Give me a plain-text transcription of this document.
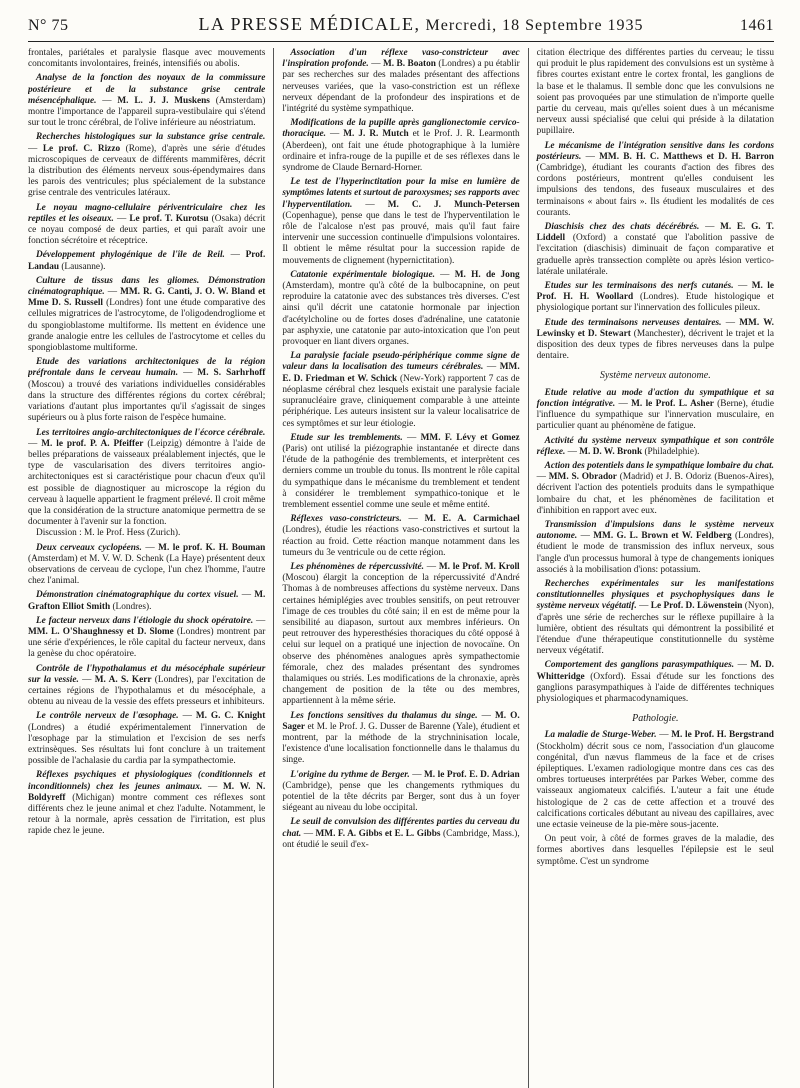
N° 75	LA PRESSE MÉDICALE, Mercredi, 18 Septembre 1935	1461

frontales, pariétales et paralysie flasque avec mouvements concomitants involontaires, freinés, intensifiés ou abolis.

Analyse de la fonction des noyaux de la commissure postérieure et de la substance grise centrale mésencéphalique. — M. L. J. J. Muskens (Amsterdam) montre l'importance de l'appareil supra-vestibulaire qui s'étend sur tout le tronc cérébral, de l'olive inférieure au néostriatum.

Recherches histologiques sur la substance grise centrale. — Le prof. C. Rizzo (Rome), d'après une série d'études microscopiques de cerveaux de différents mammifères, décrit la distribution des éléments nerveux sous-épendymaires dans les parois des ventricules; plus spécialement de la substance grise centrale des ventricules latéraux.

Le noyau magno-cellulaire périventriculaire chez les reptiles et les oiseaux. — Le prof. T. Kurotsu (Osaka) décrit ce noyau composé de deux parties, et qui paraît avoir une fonction sécrétoire et réceptrice.

Développement phylogénique de l'île de Reil. — Prof. Landau (Lausanne).

Culture de tissus dans les gliomes. Démonstration cinématographique. — MM. R. G. Canti, J. O. W. Bland et Mme D. S. Russell (Londres) font une étude comparative des cellules migratrices de l'astrocytome, de l'oligodendrogliome et du spongioblastome multiforme. Ils mettent en évidence une grande analogie entre les cellules de l'astrocytome et celles du spongioblastome multiforme.

Etude des variations architectoniques de la région préfrontale dans le cerveau humain. — M. S. Sarhrhoff (Moscou) a trouvé des variations individuelles considérables dans la structure des différentes régions du cortex cérébral; variations d'autant plus importantes qu'il s'agissait de singes supérieurs ou à plus forte raison de l'espèce humaine.

Les territoires angio-architectoniques de l'écorce cérébrale. — M. le prof. P. A. Pfeiffer (Leipzig) démontre à l'aide de belles préparations de vaisseaux préalablement injectés, que le type de vascularisation des divers territoires angio-architectoniques est si caractéristique pour chacun d'eux qu'il est possible de diagnostiquer au microscope la région du cerveau à laquelle appartient le fragment prélevé. Il croit même que la considération de la structure anatomique permettra de se documenter à l'avenir sur la fonction.
Discussion : M. le Prof. Hess (Zurich).

Deux cerveaux cyclopéens. — M. le prof. K. H. Bouman (Amsterdam) et M. V. W. D. Schenk (La Haye) présentent deux observations de cerveau de cyclope, l'un chez l'homme, l'autre chez l'animal.

Démonstration cinématographique du cortex visuel. — M. Grafton Elliot Smith (Londres).

Le facteur nerveux dans l'étiologie du shock opératoire. — MM. L. O'Shaughnessy et D. Slome (Londres) montrent par une série d'expériences, le rôle capital du facteur nerveux, dans la genèse du choc opératoire.

Contrôle de l'hypothalamus et du mésocéphale supérieur sur la vessie. — M. A. S. Kerr (Londres), par l'excitation de certaines régions de l'hypothalamus et du mésocéphale, a obtenu au niveau de la vessie des effets presseurs et inhibiteurs.

Le contrôle nerveux de l'œsophage. — M. G. C. Knight (Londres) a étudié expérimentalement l'innervation de l'œsophage par la stimulation et l'excision de ses nerfs extrinsèques. Ses résultats lui font conclure à un traitement possible de l'achalasie du cardia par la sympathectomie.

Réflexes psychiques et physiologiques (conditionnels et inconditionnels) chez les jeunes animaux. — M. W. N. Boldyreff (Michigan) montre comment ces réflexes sont différents chez le jeune animal et chez l'adulte. Notamment, le retour à la normale, après cessation de l'irritation, est plus rapide chez le jeune.

Association d'un réflexe vaso-constricteur avec l'inspiration profonde. — M. B. Boaton (Londres) a pu établir par ses recherches sur des malades présentant des affections nerveuses variées, que la vaso-constriction est un réflexe nerveux dépendant de la profondeur des inspirations et de l'intégrité du système sympathique.

Modifications de la pupille après ganglionectomie cervico-thoracique. — M. J. R. Mutch et le Prof. J. R. Learmonth (Aberdeen), ont fait une étude photographique à la lumière ordinaire et infra-rouge de la pupille et de ses réflexes dans le syndrome de Claude Bernard-Horner.

Le test de l'hyperinctitation pour la mise en lumière de symptômes latents et surtout de paroxysmes; ses rapports avec l'hyperventilation. — M. C. J. Munch-Petersen (Copenhague), pense que dans le test de l'hyperventilation le rôle de l'alcalose n'est pas prouvé, mais qu'il faut faire intervenir une succession continuelle d'impulsions volontaires. Il obtient le même résultat pour la succession rapide de mouvements de clignement (hypernictitation).

Catatonie expérimentale biologique. — M. H. de Jong (Amsterdam), montre qu'à côté de la bulbocapnine, on peut reproduire la catatonie avec des substances très diverses. C'est ainsi qu'il décrit une catatonie hormonale par injection d'acétylcholine ou de fortes doses d'adrénaline, une catatonie par asphyxie, une catatonie par auto-intoxication que l'on peut provoquer en liant divers organes.

La paralysie faciale pseudo-périphérique comme signe de valeur dans la localisation des tumeurs cérébrales. — MM. E. D. Friedman et W. Schick (New-York) rapportent 7 cas de néoplasme cérébral chez lesquels existait une paralysie faciale supranucléaire grave, cliniquement comparable à une atteinte périphérique. Les auteurs insistent sur la valeur localisatrice de ces symptômes et sur leur étiologie.

Etude sur les tremblements. — MM. F. Lévy et Gomez (Paris) ont utilisé la piézographie instantanée et directe dans l'étude de la pathogénie des tremblements, et interprètent ces derniers comme un trouble du tonus. Ils montrent le rôle capital du sympathique dans le mécanisme du tremblement et tendent à considérer le tremblement sympathico-tonique et le tremblement essentiel comme une seule et même entité.

Réflexes vaso-constricteurs. — M. E. A. Carmichael (Londres), étudie les réactions vaso-constrictives et surtout la réaction au froid. Cette réaction manque notamment dans les tumeurs du 3e ventricule ou de cette région.

Les phénomènes de répercussivité. — M. le Prof. M. Kroll (Moscou) élargit la conception de la répercussivité d'André Thomas à de nombreuses affections du système nerveux. Dans certaines hémiplégies avec troubles sensitifs, on peut retrouver l'image de ces troubles du côté sain; il en est de même pour la sensibilité au diapason, surtout aux membres inférieurs. On peut retrouver des hyperesthésies thoraciques du côté opposé à celui sur lequel on a pratiqué une injection de novocaïne. On observe des phénomènes analogues après sympathectomie fémorale, chez des malades présentant des syndromes thalamiques ou striés. Les modifications de la chronaxie, après changement de position de la tête ou des membres, appartiennent à la même série.

Les fonctions sensitives du thalamus du singe. — M. O. Sager et M. le Prof. J. G. Dusser de Barenne (Yale), étudient et montrent, par la méthode de la strychninisation locale, l'existence d'une localisation fonctionnelle dans le thalamus du singe.

L'origine du rythme de Berger. — M. le Prof. E. D. Adrian (Cambridge), pense que les changements rythmiques du potentiel de la tête décrits par Berger, sont dus à un foyer siégeant au niveau du lobe occipital.

Le seuil de convulsion des différentes parties du cerveau du chat. — MM. F. A. Gibbs et E. L. Gibbs (Cambridge, Mass.), ont étudié le seuil d'ex-

citation électrique des différentes parties du cerveau; le tissu qui produit le plus rapidement des convulsions est un système à fibres courtes existant entre le cortex frontal, les ganglions de la base et le thalamus. Il semble donc que les convulsions ne soient pas provoquées par une stimulation de n'importe quelle partie du cerveau, mais qu'elles soient dues à un mécanisme nerveux aussi spécialisé que celui qui préside à la dilatation pupillaire.

Le mécanisme de l'intégration sensitive dans les cordons postérieurs. — MM. B. H. C. Matthews et D. H. Barron (Cambridge), étudiant les courants d'action des fibres des cordons postérieurs, montrent qu'elles conduisent les impulsions des tendons, des fuseaux musculaires et des terminaisons « about fairs ». Ils étudient les modalités de ces courants.

Diaschisis chez des chats décérébrés. — M. E. G. T. Liddell (Oxford) a constaté que l'abolition passive de l'excitation (diaschisis) diminuait de façon comparative et graduelle après transsection complète ou après lésion vertico-latérale unilatérale.

Etudes sur les terminaisons des nerfs cutanés. — M. le Prof. H. H. Woollard (Londres). Etude histologique et physiologique portant sur l'innervation des follicules pileux.

Etude des terminaisons nerveuses dentaires. — MM. W. Lewinsky et D. Stewart (Manchester), décrivent le trajet et la disposition des deux types de fibres nerveuses dans la pulpe dentaire.

Système nerveux autonome.

Etude relative au mode d'action du sympathique et sa fonction intégrative. — M. le Prof. L. Asher (Berne), étudie l'influence du sympathique sur l'innervation musculaire, en particulier quant au phénomène de fatigue.

Activité du système nerveux sympathique et son contrôle réflexe. — M. D. W. Bronk (Philadelphie).

Action des potentiels dans le sympathique lombaire du chat. — MM. S. Obrador (Madrid) et J. B. Odoriz (Buenos-Aires), décrivent l'action des potentiels produits dans le sympathique lombaire du chat, et les phénomènes de facilitation et d'inhibition en rapport avec eux.

Transmission d'impulsions dans le système nerveux autonome. — MM. G. L. Brown et W. Feldberg (Londres), étudient le mode de transmission des influx nerveux, sous l'angle d'un processus humoral à type de changements ioniques associés à la mobilisation d'ions: potassium.

Recherches expérimentales sur les manifestations constitutionnelles physiques et psychophysiques dans le système nerveux végétatif. — Le Prof. D. Löwenstein (Nyon), d'après une série de recherches sur le réflexe pupillaire à la lumière, obtient des résultats qui démontrent la possibilité et l'étendue d'une thérapeutique constitutionnelle du système nerveux végétatif.

Comportement des ganglions parasympathiques. — M. D. Whitteridge (Oxford). Essai d'étude sur les fonctions des ganglions parasympathiques à l'aide de différentes techniques physiologiques et pharmacodynamiques.

Pathologie.

La maladie de Sturge-Weber. — M. le Prof. H. Bergstrand (Stockholm) décrit sous ce nom, l'association d'un glaucome congénital, d'un nævus flammeus de la face et de crises épileptiques. L'examen radiologique montre dans ces cas des ombres tortueuses interprétées par Parkes Weber, comme des vaisseaux angiomateux calcifiés. L'auteur a fait une étude histologique de 2 cas de cette affection et a trouvé des calcifications corticales débutant au niveau des capillaires, avec une ectasie veineuse de la pie-mère sous-jacente.

On peut voir, à côté de formes graves de la maladie, des formes abortives dans lesquelles l'épilepsie est le seul symptôme. C'est un syndrome
